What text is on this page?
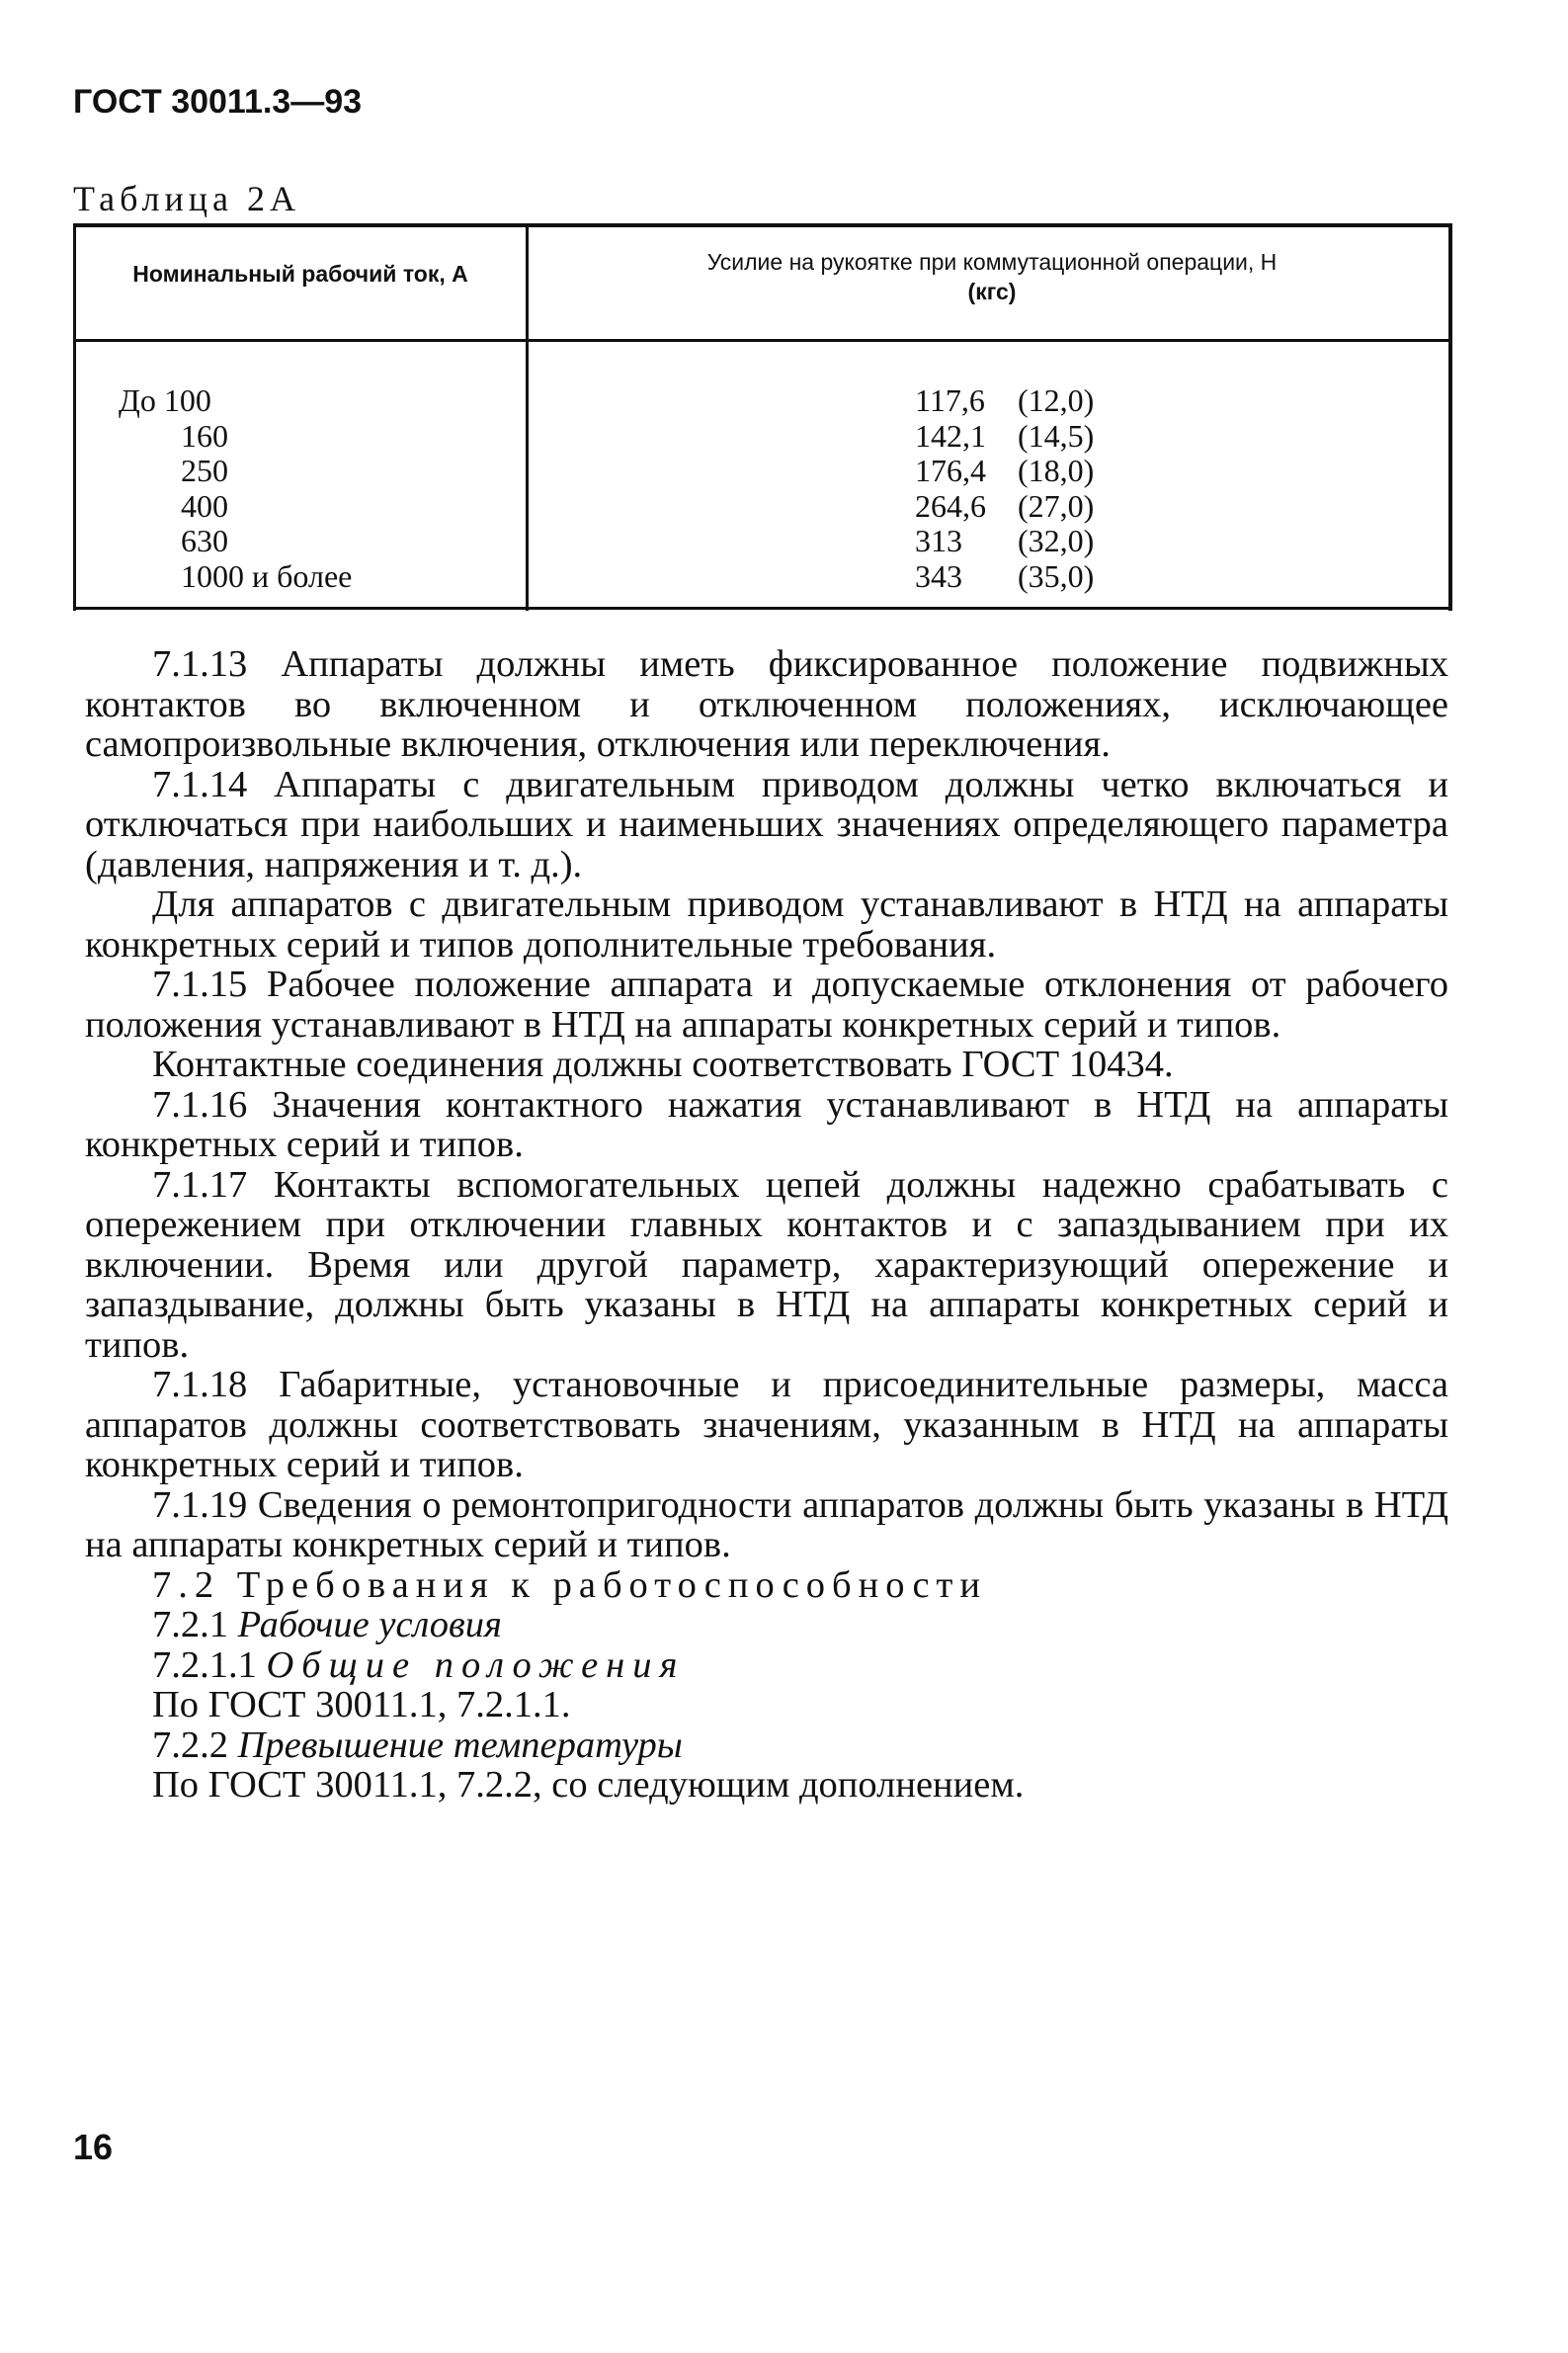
ГОСТ 30011.3—93
Таблица 2А
Номинальный рабочий ток, А	Усилие на рукоятке при коммутационной операции, Н
(кгс)
До 100
160
250
400
630
1000 и более
117,6 (12,0)
142,1 (14,5)
176,4 (18,0)
264,6 (27,0)
313 (32,0)
343 (35,0)

7.1.13 Аппараты должны иметь фиксированное положение подвижных контактов во включенном и отключенном положениях, исключающее самопроизвольные включения, отключения или переключения.

7.1.14 Аппараты с двигательным приводом должны четко включаться и отключаться при наибольших и наименьших значениях определяющего параметра (давления, напряжения и т. д.).

Для аппаратов с двигательным приводом устанавливают в НТД на аппараты конкретных серий и типов дополнительные требования.

7.1.15 Рабочее положение аппарата и допускаемые отклонения от рабочего положения устанавливают в НТД на аппараты конкретных серий и типов.

Контактные соединения должны соответствовать ГОСТ 10434.

7.1.16 Значения контактного нажатия устанавливают в НТД на аппараты конкретных серий и типов.

7.1.17 Контакты вспомогательных цепей должны надежно срабатывать с опережением при отключении главных контактов и с запаздыванием при их включении. Время или другой параметр, характеризующий опережение и запаздывание, должны быть указаны в НТД на аппараты конкретных серий и типов.

7.1.18 Габаритные, установочные и присоединительные размеры, масса аппаратов должны соответствовать значениям, указанным в НТД на аппараты конкретных серий и типов.

7.1.19 Сведения о ремонтопригодности аппаратов должны быть указаны в НТД на аппараты конкретных серий и типов.

7.2 Требования к работоспособности

7.2.1 Рабочие условия

7.2.1.1 Общие положения

По ГОСТ 30011.1, 7.2.1.1.

7.2.2 Превышение температуры

По ГОСТ 30011.1, 7.2.2, со следующим дополнением.

16
